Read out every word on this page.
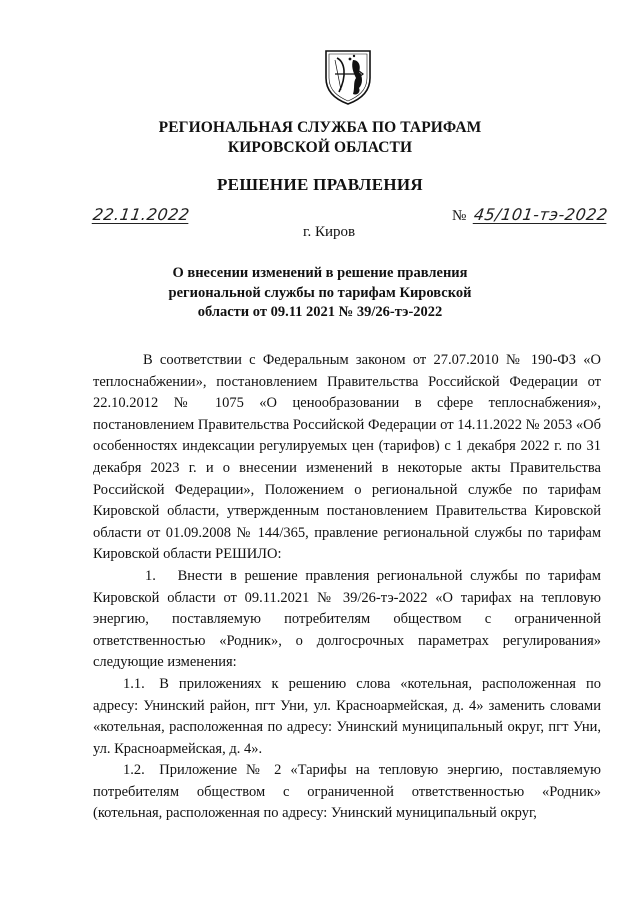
РЕГИОНАЛЬНАЯ СЛУЖБА ПО ТАРИФАМ
КИРОВСКОЙ ОБЛАСТИ
РЕШЕНИЕ ПРАВЛЕНИЯ
22.11.2022	№ 45/101-тэ-2022
г. Киров
О внесении изменений в решение правления
региональной службы по тарифам Кировской
области от 09.11 2021 № 39/26-тэ-2022

В соответствии с Федеральным законом от 27.07.2010 № 190-ФЗ «О теплоснабжении», постановлением Правительства Российской Федерации от 22.10.2012 № 1075 «О ценообразовании в сфере теплоснабжения», постановлением Правительства Российской Федерации от 14.11.2022 № 2053 «Об особенностях индексации регулируемых цен (тарифов) с 1 декабря 2022 г. по 31 декабря 2023 г. и о внесении изменений в некоторые акты Правительства Российской Федерации», Положением о региональной службе по тарифам Кировской области, утвержденным постановлением Правительства Кировской области от 01.09.2008 № 144/365, правление региональной службы по тарифам Кировской области РЕШИЛО:

1.  Внести в решение правления региональной службы по тарифам Кировской области от 09.11.2021 № 39/26-тэ-2022 «О тарифах на тепловую энергию, поставляемую потребителям обществом с ограниченной ответственностью «Родник», о долгосрочных параметрах регулирования» следующие изменения:

1.1. В приложениях к решению слова «котельная, расположенная по адресу: Унинский район, пгт Уни, ул. Красноармейская, д. 4» заменить словами «котельная, расположенная по адресу: Унинский муниципальный округ, пгт Уни, ул. Красноармейская, д. 4».

1.2. Приложение № 2 «Тарифы на тепловую энергию, поставляемую потребителям обществом с ограниченной ответственностью «Родник» (котельная, расположенная по адресу: Унинский муниципальный округ,
